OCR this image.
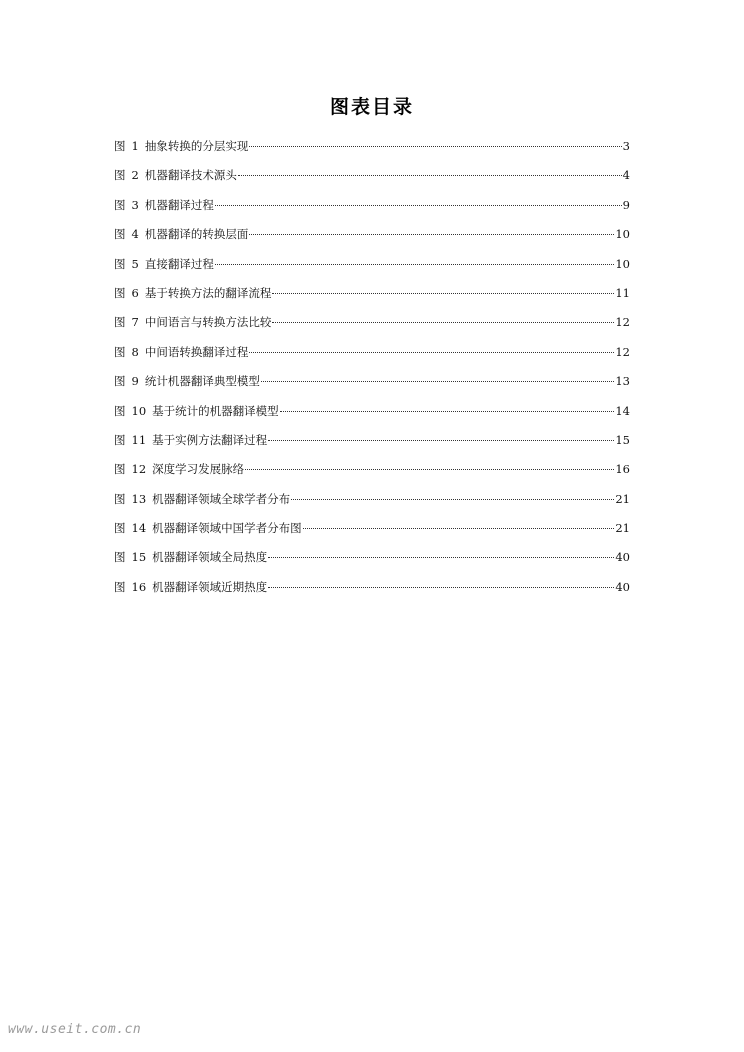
图表目录
图 1 抽象转换的分层实现	3
图 2 机器翻译技术源头	4
图 3 机器翻译过程	9
图 4 机器翻译的转换层面	10
图 5 直接翻译过程	10
图 6 基于转换方法的翻译流程	11
图 7 中间语言与转换方法比较	12
图 8 中间语转换翻译过程	12
图 9 统计机器翻译典型模型	13
图 10 基于统计的机器翻译模型	14
图 11 基于实例方法翻译过程	15
图 12 深度学习发展脉络	16
图 13 机器翻译领域全球学者分布	21
图 14 机器翻译领域中国学者分布图	21
图 15 机器翻译领域全局热度	40
图 16 机器翻译领域近期热度	40
www.useit.com.cn
